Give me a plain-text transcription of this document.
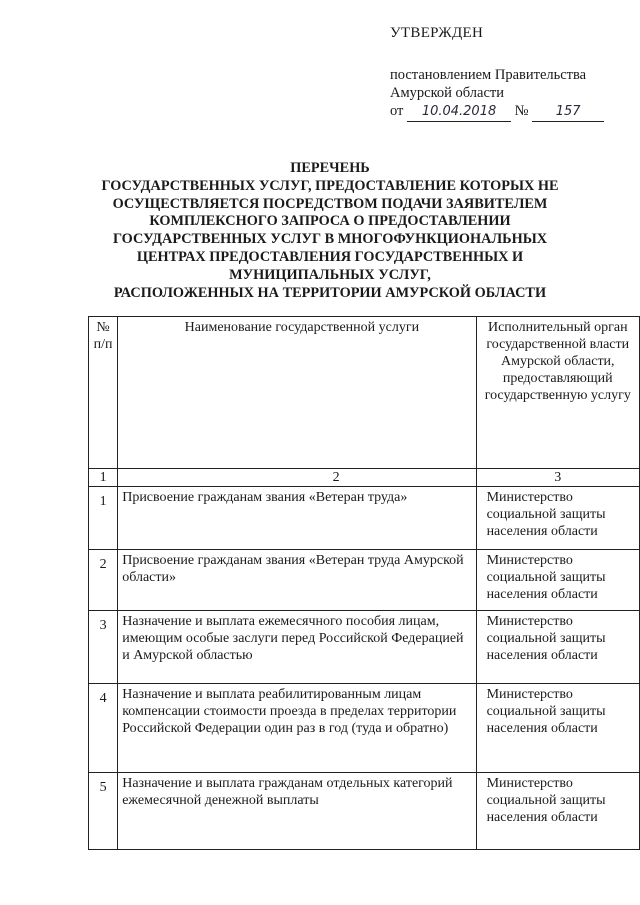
УТВЕРЖДЕН
постановлением Правительства
Амурской области
от 10.04.2018 № 157
ПЕРЕЧЕНЬ
ГОСУДАРСТВЕННЫХ УСЛУГ, ПРЕДОСТАВЛЕНИЕ КОТОРЫХ НЕ
ОСУЩЕСТВЛЯЕТСЯ ПОСРЕДСТВОМ ПОДАЧИ ЗАЯВИТЕЛЕМ
КОМПЛЕКСНОГО ЗАПРОСА О ПРЕДОСТАВЛЕНИИ
ГОСУДАРСТВЕННЫХ УСЛУГ В МНОГОФУНКЦИОНАЛЬНЫХ
ЦЕНТРАХ ПРЕДОСТАВЛЕНИЯ ГОСУДАРСТВЕННЫХ И
МУНИЦИПАЛЬНЫХ УСЛУГ,
РАСПОЛОЖЕННЫХ НА ТЕРРИТОРИИ АМУРСКОЙ ОБЛАСТИ
№ п/п	Наименование государственной услуги	Исполнительный орган государственной власти Амурской области, предоставляющий государственную услугу
1	2	3
1	Присвоение гражданам звания «Ветеран труда»	Министерство социальной защиты населения области
2	Присвоение гражданам звания «Ветеран труда Амурской области»	Министерство социальной защиты населения области
3	Назначение и выплата ежемесячного пособия лицам, имеющим особые заслуги перед Российской Федерацией и Амурской областью	Министерство социальной защиты населения области
4	Назначение и выплата реабилитированным лицам компенсации стоимости проезда в пределах территории Российской Федерации один раз в год (туда и обратно)	Министерство социальной защиты населения области
5	Назначение и выплата гражданам отдельных категорий ежемесячной денежной выплаты	Министерство социальной защиты населения области
